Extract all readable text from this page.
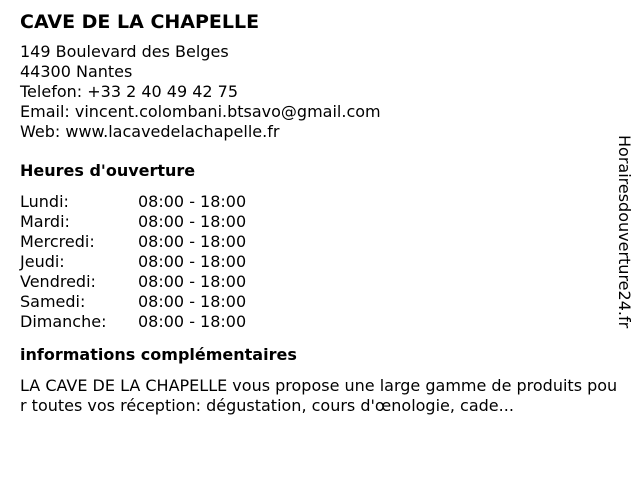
CAVE DE LA CHAPELLE
149 Boulevard des Belges
44300 Nantes
Telefon: +33 2 40 49 42 75
Email: vincent.colombani.btsavo@gmail.com
Web: www.lacavedelachapelle.fr
Heures d'ouverture
Lundi:	08:00 - 18:00
Mardi:	08:00 - 18:00
Mercredi:	08:00 - 18:00
Jeudi:	08:00 - 18:00
Vendredi:	08:00 - 18:00
Samedi:	08:00 - 18:00
Dimanche:	08:00 - 18:00
informations complémentaires
LA CAVE DE LA CHAPELLE vous propose une large gamme de produits pour toutes vos réception: dégustation, cours d'œnologie, cade...
Horairesdouverture24.fr
